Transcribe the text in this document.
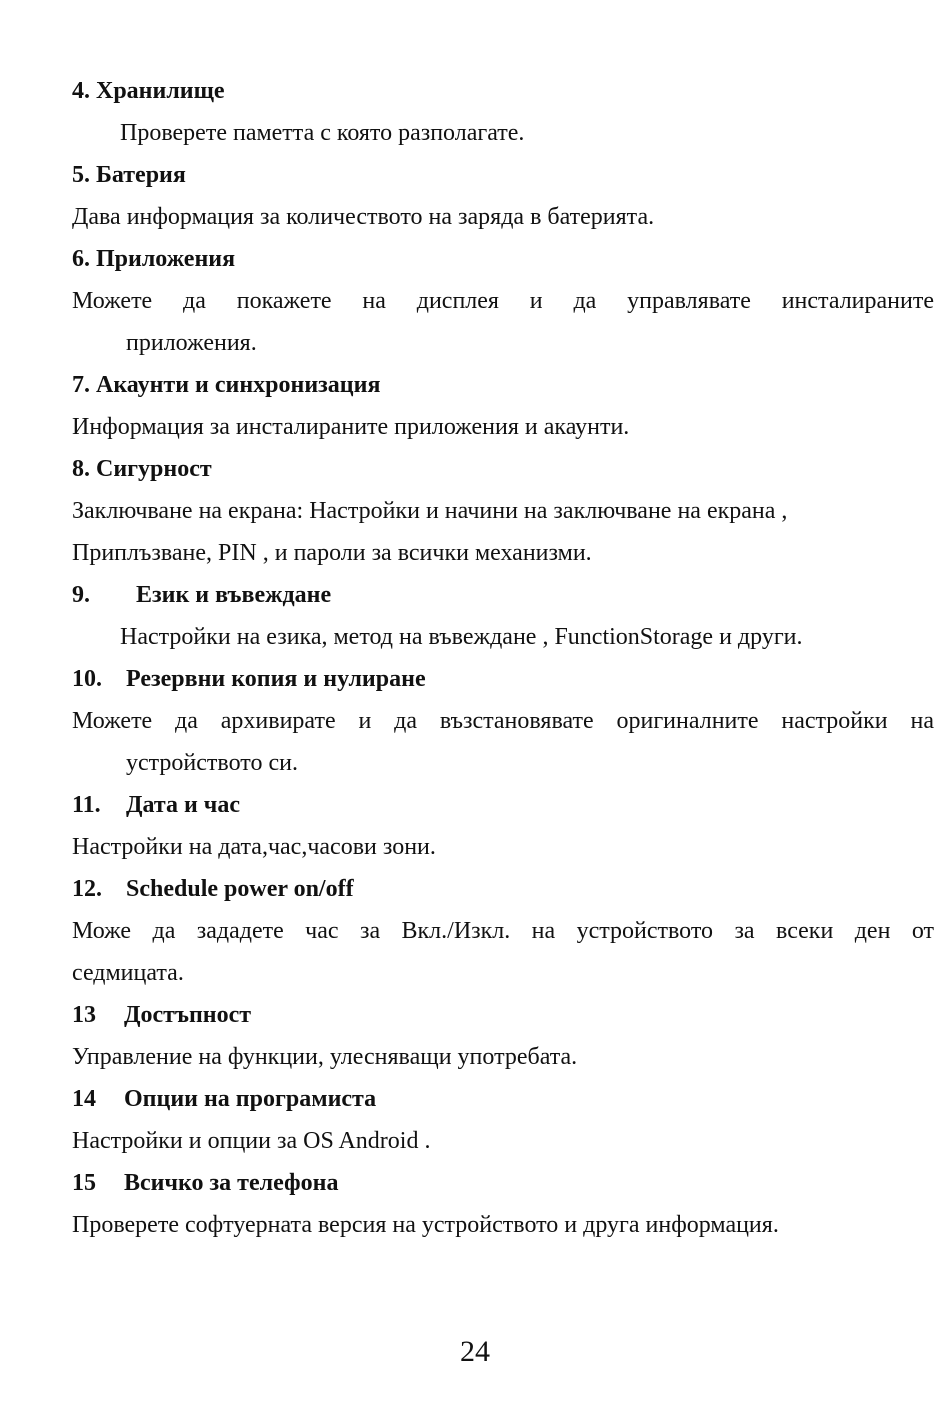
4. Хранилище
Проверете паметта с която разполагате.
5. Батерия
Дава информация за количеството на заряда в батерията.
6. Приложения
Можете да покажете на дисплея и да управлявате инсталираните
приложения.
7. Акаунти и синхронизация
Информация за инсталираните приложения и акаунти.
8. Сигурност
Заключване на екрана: Настройки и начини на заключване на екрана ,
Приплъзване, PIN , и пароли за всички механизми.
9. Език и въвеждане
Настройки на езика, метод на въвеждане , FunctionStorage и други.
10. Резервни копия и нулиране
Можете да архивирате и да възстановявате оригиналните настройки на
устройството си.
11. Дата и час
Настройки на дата,час,часови зони.
12. Schedule power on/off
Може да зададете час за Вкл./Изкл. на устройството за всеки ден от
седмицата.
13 Достъпност
Управление на функции, улесняващи употребата.
14 Опции на програмиста
Настройки и опции за OS Android .
15 Всичко за телефона
Проверете софтуерната версия на устройството и друга информация.
24
